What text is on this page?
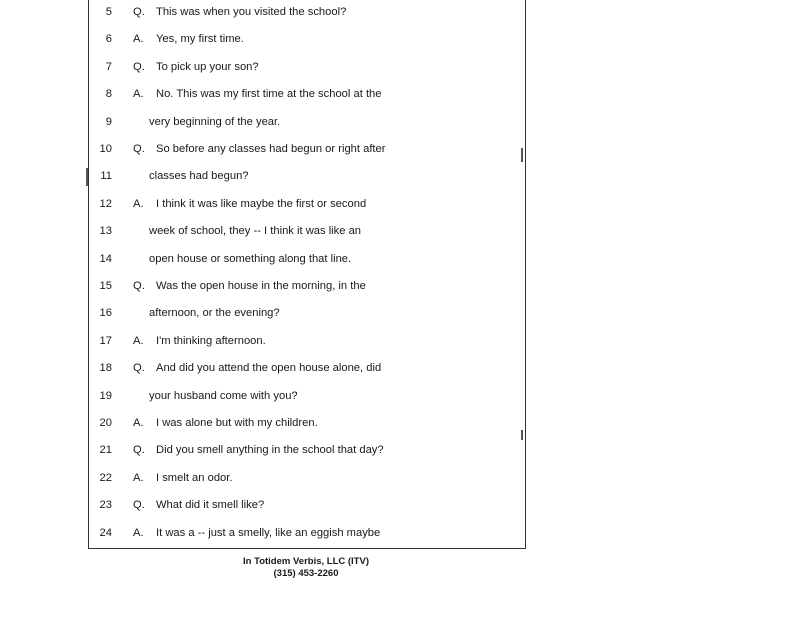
5 Q. This was when you visited the school?
6 A. Yes, my first time.
7 Q. To pick up your son?
8 A. No. This was my first time at the school at the
9	very beginning of the year.
10 Q. So before any classes had begun or right after
11	classes had begun?
12 A. I think it was like maybe the first or second
13	week of school, they -- I think it was like an
14	open house or something along that line.
15 Q. Was the open house in the morning, in the
16	afternoon, or the evening?
17 A. I'm thinking afternoon.
18 Q. And did you attend the open house alone, did
19	your husband come with you?
20 A. I was alone but with my children.
21 Q. Did you smell anything in the school that day?
22 A. I smelt an odor.
23 Q. What did it smell like?
24 A. It was a -- just a smelly, like an eggish maybe
In Totidem Verbis, LLC (ITV)
(315) 453-2260
